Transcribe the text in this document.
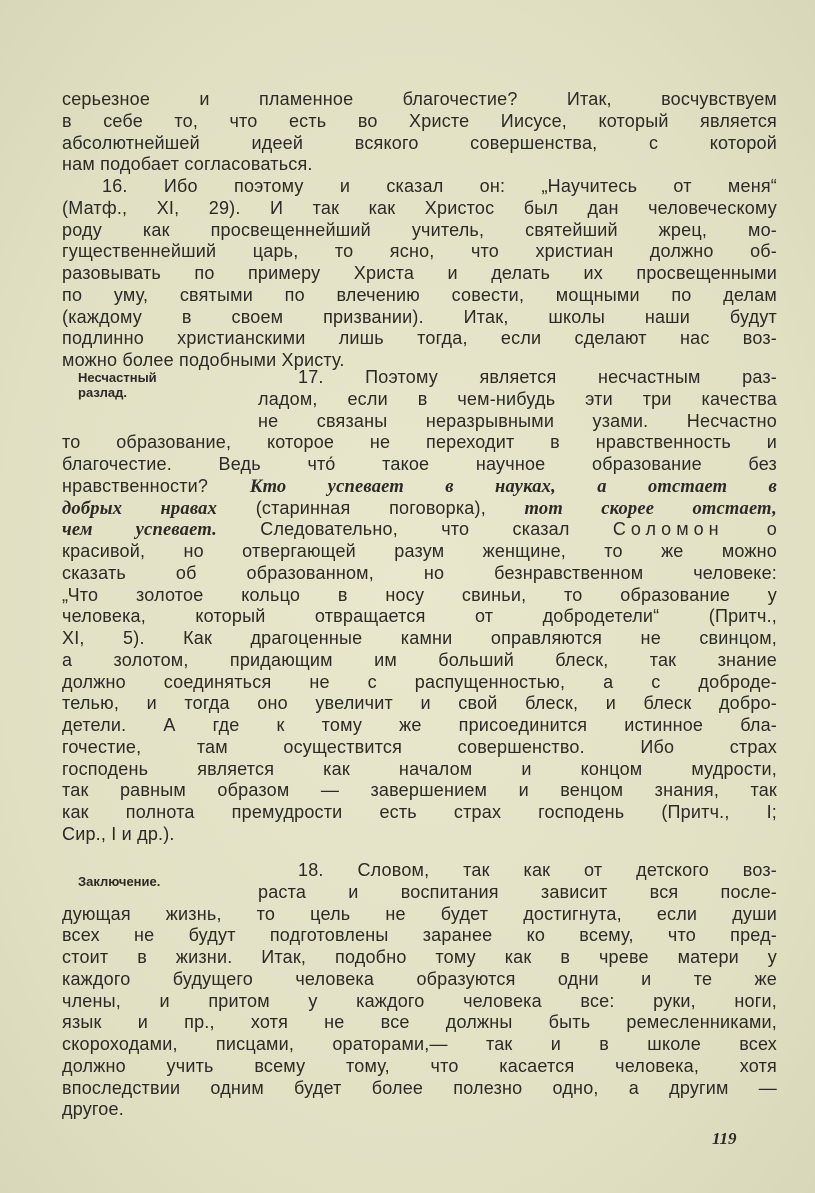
серьезное и пламенное благочестие? Итак, восчувствуем
в себе то, что есть во Христе Иисусе, который является
абсолютнейшей идеей всякого совершенства, с которой
нам подобает согласоваться.
16. Ибо поэтому и сказал он: „Научитесь от меня“
(Матф., XI, 29). И так как Христос был дан человеческому
роду как просвещеннейший учитель, святейший жрец, мо-
гущественнейший царь, то ясно, что христиан должно об-
разовывать по примеру Христа и делать их просвещенными
по уму, святыми по влечению совести, мощными по делам
(каждому в своем призвании). Итак, школы наши будут
подлинно христианскими лишь тогда, если сделают нас воз-
можно более подобными Христу.
Несчастный
разлад.
17. Поэтому является несчастным раз-
ладом, если в чем-нибудь эти три качества
не связаны неразрывными узами. Несчастно
то образование, которое не переходит в нравственность и
благочестие. Ведь что́ такое научное образование без
нравственности? Кто успевает в науках, а отстает в
добрых нравах (старинная поговорка), тот скорее отстает,
чем успевает. Следовательно, что сказал Соломон о
красивой, но отвергающей разум женщине, то же можно
сказать об образованном, но безнравственном человеке:
„Что золотое кольцо в носу свиньи, то образование у
человека, который отвращается от добродетели“ (Притч.,
XI, 5). Как драгоценные камни оправляются не свинцом,
а золотом, придающим им больший блеск, так знание
должно соединяться не с распущенностью, а с доброде-
телью, и тогда оно увеличит и свой блеск, и блеск добро-
детели. А где к тому же присоединится истинное бла-
гочестие, там осуществится совершенство. Ибо страх
господень является как началом и концом мудрости,
так равным образом — завершением и венцом знания, так
как полнота премудрости есть страх господень (Притч., I;
Сир., I и др.).
Заключение.
18. Словом, так как от детского воз-
раста и воспитания зависит вся после-
дующая жизнь, то цель не будет достигнута, если души
всех не будут подготовлены заранее ко всему, что пред-
стоит в жизни. Итак, подобно тому как в чреве матери у
каждого будущего человека образуются одни и те же
члены, и притом у каждого человека все: руки, ноги,
язык и пр., хотя не все должны быть ремесленниками,
скороходами, писцами, ораторами,— так и в школе всех
должно учить всему тому, что касается человека, хотя
впоследствии одним будет более полезно одно, а другим —
другое.
119
